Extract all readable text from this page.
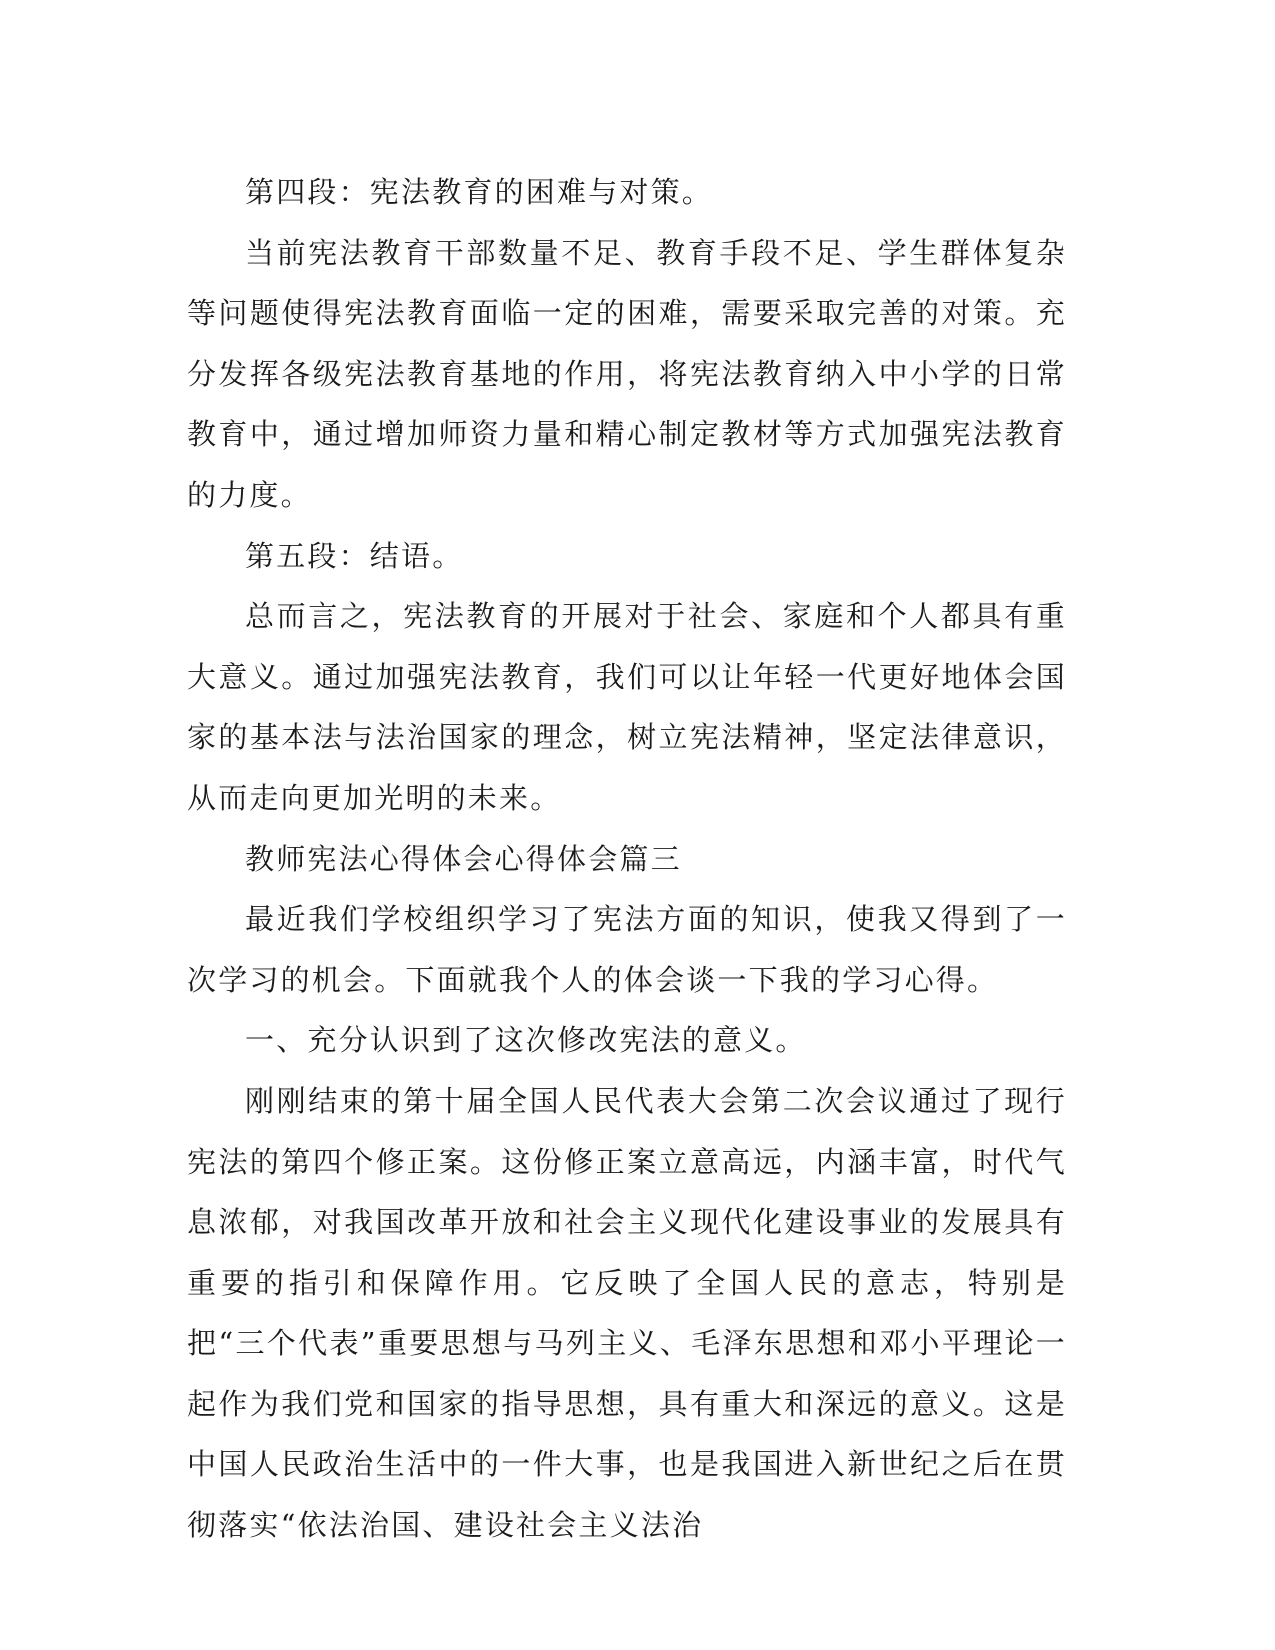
第四段：宪法教育的困难与对策。

当前宪法教育干部数量不足、教育手段不足、学生群体复杂等问题使得宪法教育面临一定的困难，需要采取完善的对策。充分发挥各级宪法教育基地的作用，将宪法教育纳入中小学的日常教育中，通过增加师资力量和精心制定教材等方式加强宪法教育的力度。

第五段：结语。

总而言之，宪法教育的开展对于社会、家庭和个人都具有重大意义。通过加强宪法教育，我们可以让年轻一代更好地体会国家的基本法与法治国家的理念，树立宪法精神，坚定法律意识，从而走向更加光明的未来。

教师宪法心得体会心得体会篇三

最近我们学校组织学习了宪法方面的知识，使我又得到了一次学习的机会。下面就我个人的体会谈一下我的学习心得。

一、充分认识到了这次修改宪法的意义。

刚刚结束的第十届全国人民代表大会第二次会议通过了现行宪法的第四个修正案。这份修正案立意高远，内涵丰富，时代气息浓郁，对我国改革开放和社会主义现代化建设事业的发展具有重要的指引和保障作用。它反映了全国人民的意志，特别是把“三个代表”重要思想与马列主义、毛泽东思想和邓小平理论一起作为我们党和国家的指导思想，具有重大和深远的意义。这是中国人民政治生活中的一件大事，也是我国进入新世纪之后在贯彻落实“依法治国、建设社会主义法治
